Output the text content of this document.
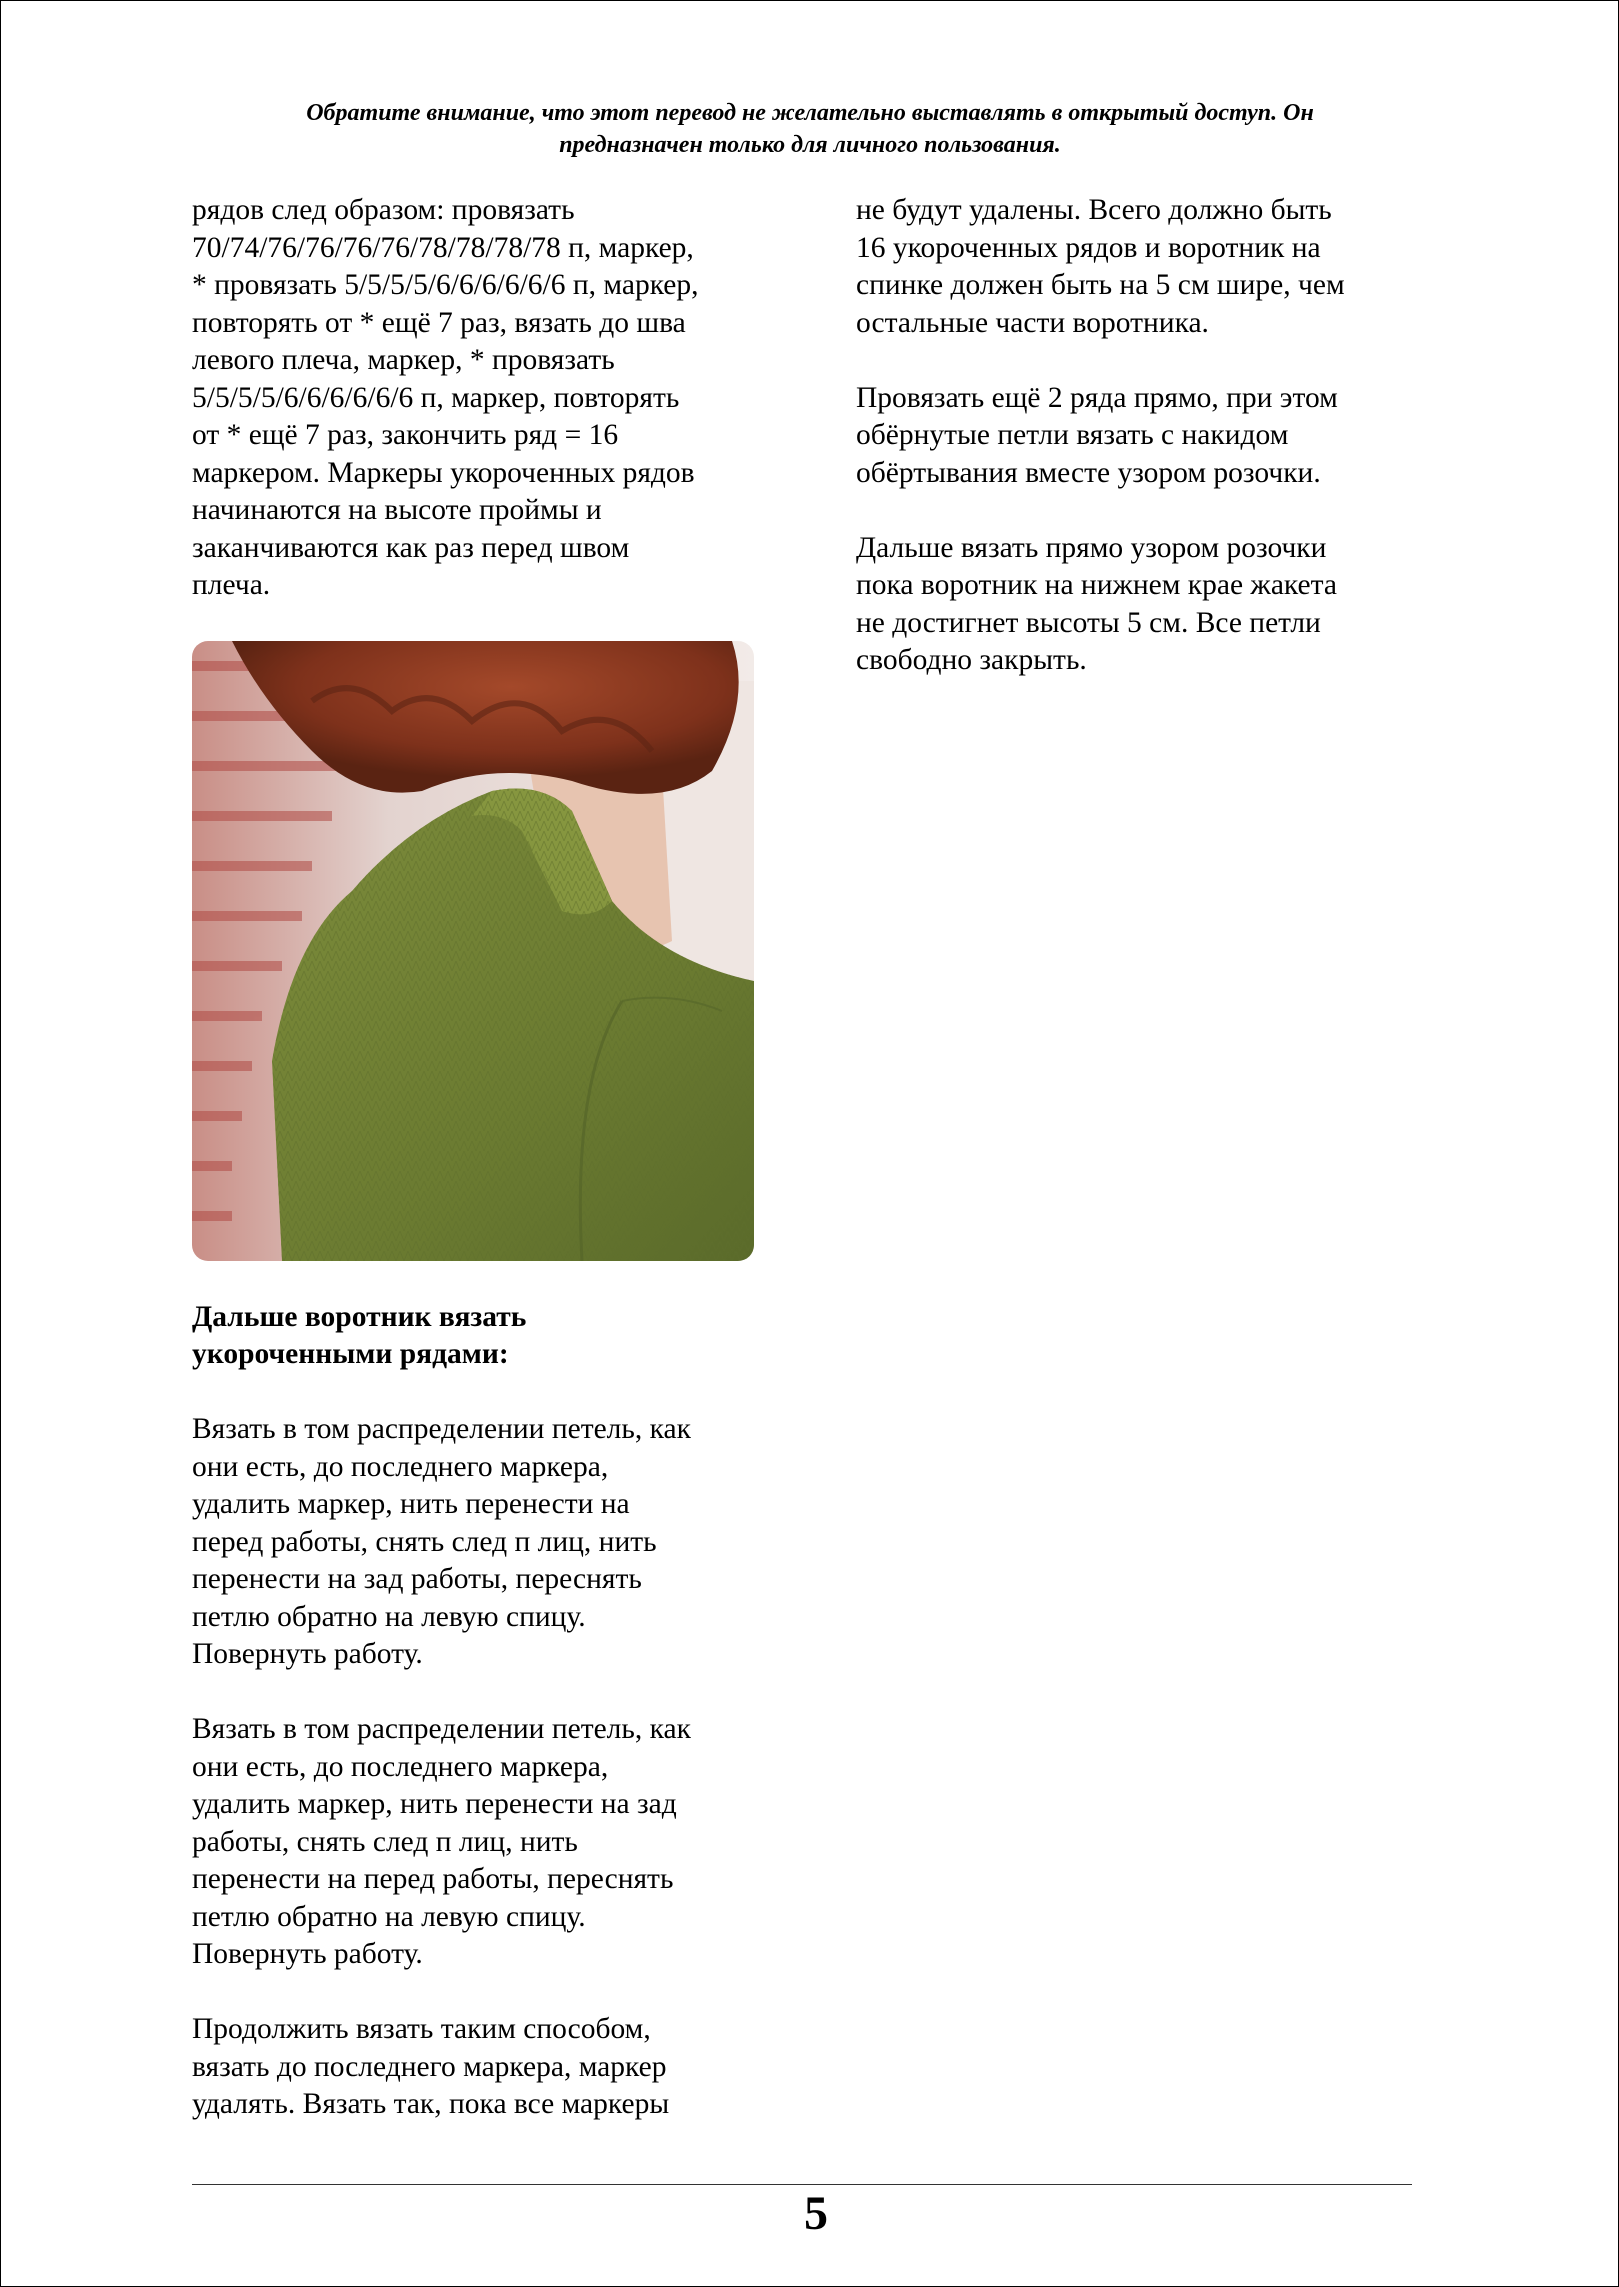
Обратите внимание, что этот перевод не желательно выставлять в открытый доступ. Он
предназначен только для личного пользования.

рядов след образом: провязать
70/74/76/76/76/76/78/78/78/78 п, маркер,
* провязать 5/5/5/5/6/6/6/6/6/6 п, маркер,
повторять от * ещё 7 раз, вязать до шва
левого плеча, маркер, * провязать
5/5/5/5/6/6/6/6/6/6 п, маркер, повторять
от * ещё 7 раз, закончить ряд = 16
маркером. Маркеры укороченных рядов
начинаются на высоте проймы и
заканчиваются как раз перед швом
плеча.

Дальше воротник вязать
укороченными рядами:

Вязать в том распределении петель, как
они есть, до последнего маркера,
удалить маркер, нить перенести на
перед работы, снять след п лиц, нить
перенести на зад работы, переснять
петлю обратно на левую спицу.
Повернуть работу.

Вязать в том распределении петель, как
они есть, до последнего маркера,
удалить маркер, нить перенести на зад
работы, снять след п лиц, нить
перенести на перед работы, переснять
петлю обратно на левую спицу.
Повернуть работу.

Продолжить вязать таким способом,
вязать до последнего маркера, маркер
удалять. Вязать так, пока все маркеры

не будут удалены. Всего должно быть
16 укороченных рядов и воротник на
спинке должен быть на 5 см шире, чем
остальные части воротника.

Провязать ещё 2 ряда прямо, при этом
обёрнутые петли вязать с накидом
обёртывания вместе узором розочки.

Дальше вязать прямо узором розочки
пока воротник на нижнем крае жакета
не достигнет высоты 5 см. Все петли
свободно закрыть.

5
